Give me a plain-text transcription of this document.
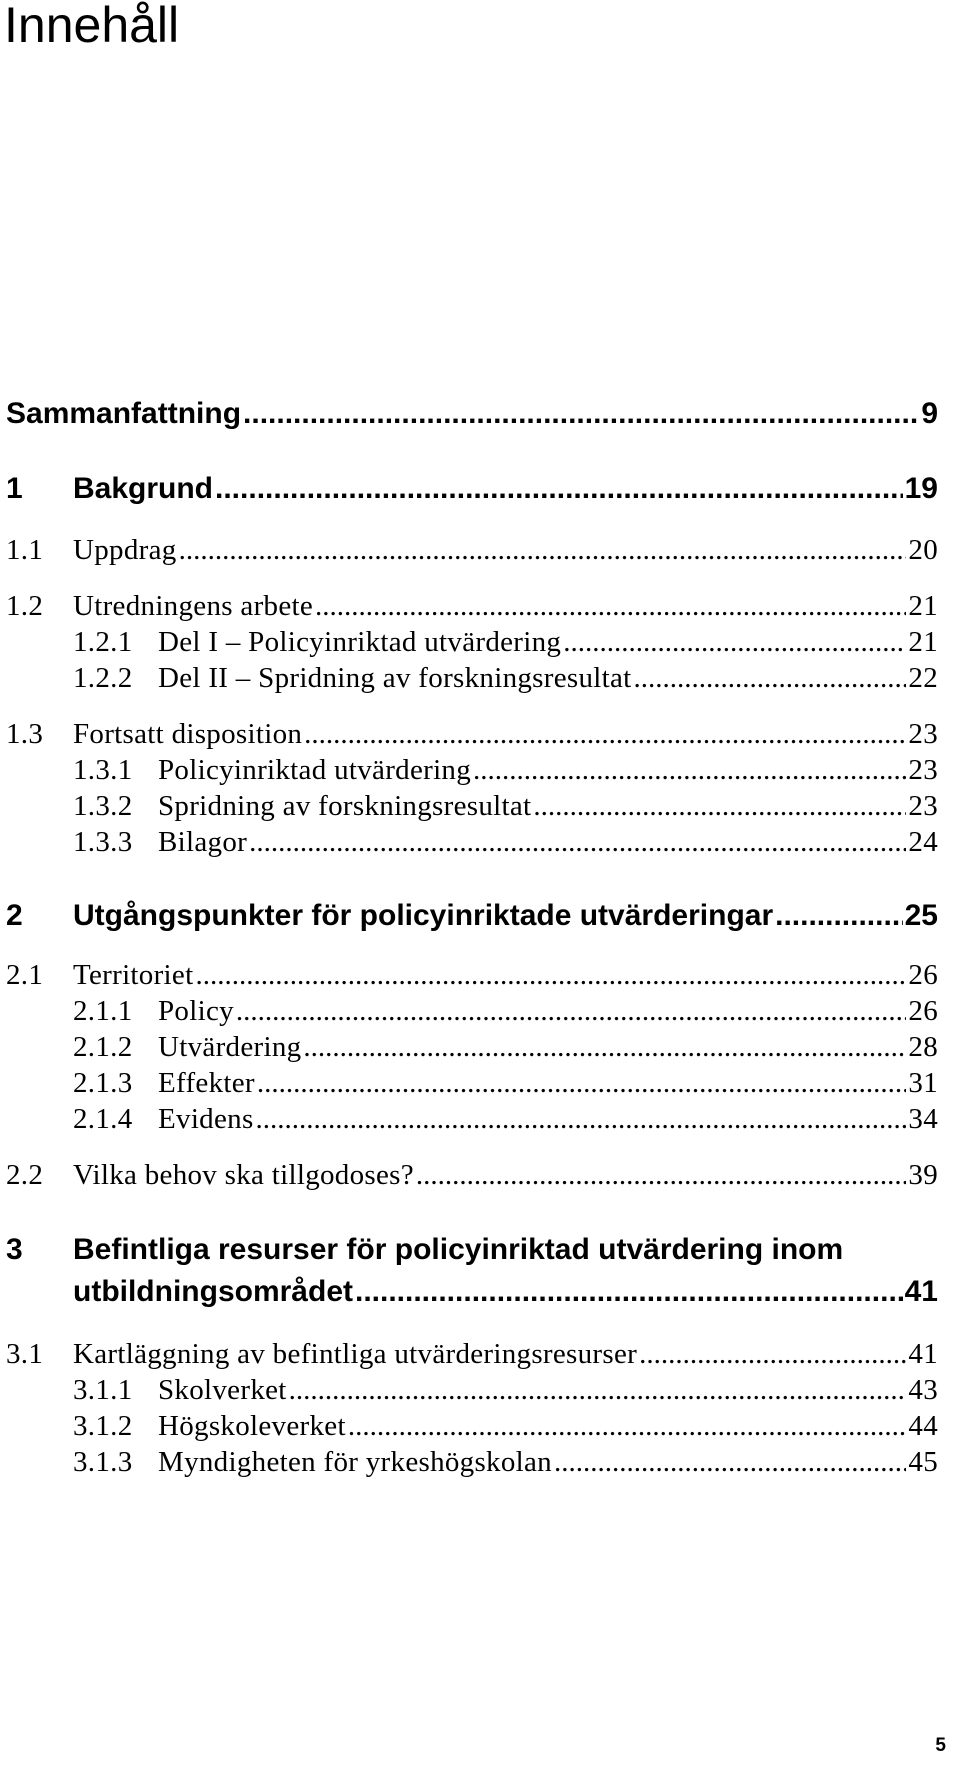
Innehåll
Sammanfattning .....	9
1	Bakgrund .....	19
1.1	Uppdrag .....	20
1.2	Utredningens arbete .....	21
1.2.1 Del I – Policyinriktad utvärdering .....	21
1.2.2 Del II – Spridning av forskningsresultat .....	22
1.3	Fortsatt disposition .....	23
1.3.1 Policyinriktad utvärdering .....	23
1.3.2 Spridning av forskningsresultat .....	23
1.3.3 Bilagor .....	24
2	Utgångspunkter för policyinriktade utvärderingar .....	25
2.1	Territoriet .....	26
2.1.1 Policy .....	26
2.1.2 Utvärdering .....	28
2.1.3 Effekter .....	31
2.1.4 Evidens .....	34
2.2	Vilka behov ska tillgodoses? .....	39
3 Befintliga resurser för policyinriktad utvärdering inom
utbildningsområdet .....	41
3.1	Kartläggning av befintliga utvärderingsresurser .....	41
3.1.1 Skolverket .....	43
3.1.2 Högskoleverket .....	44
3.1.3 Myndigheten för yrkeshögskolan .....	45
5
